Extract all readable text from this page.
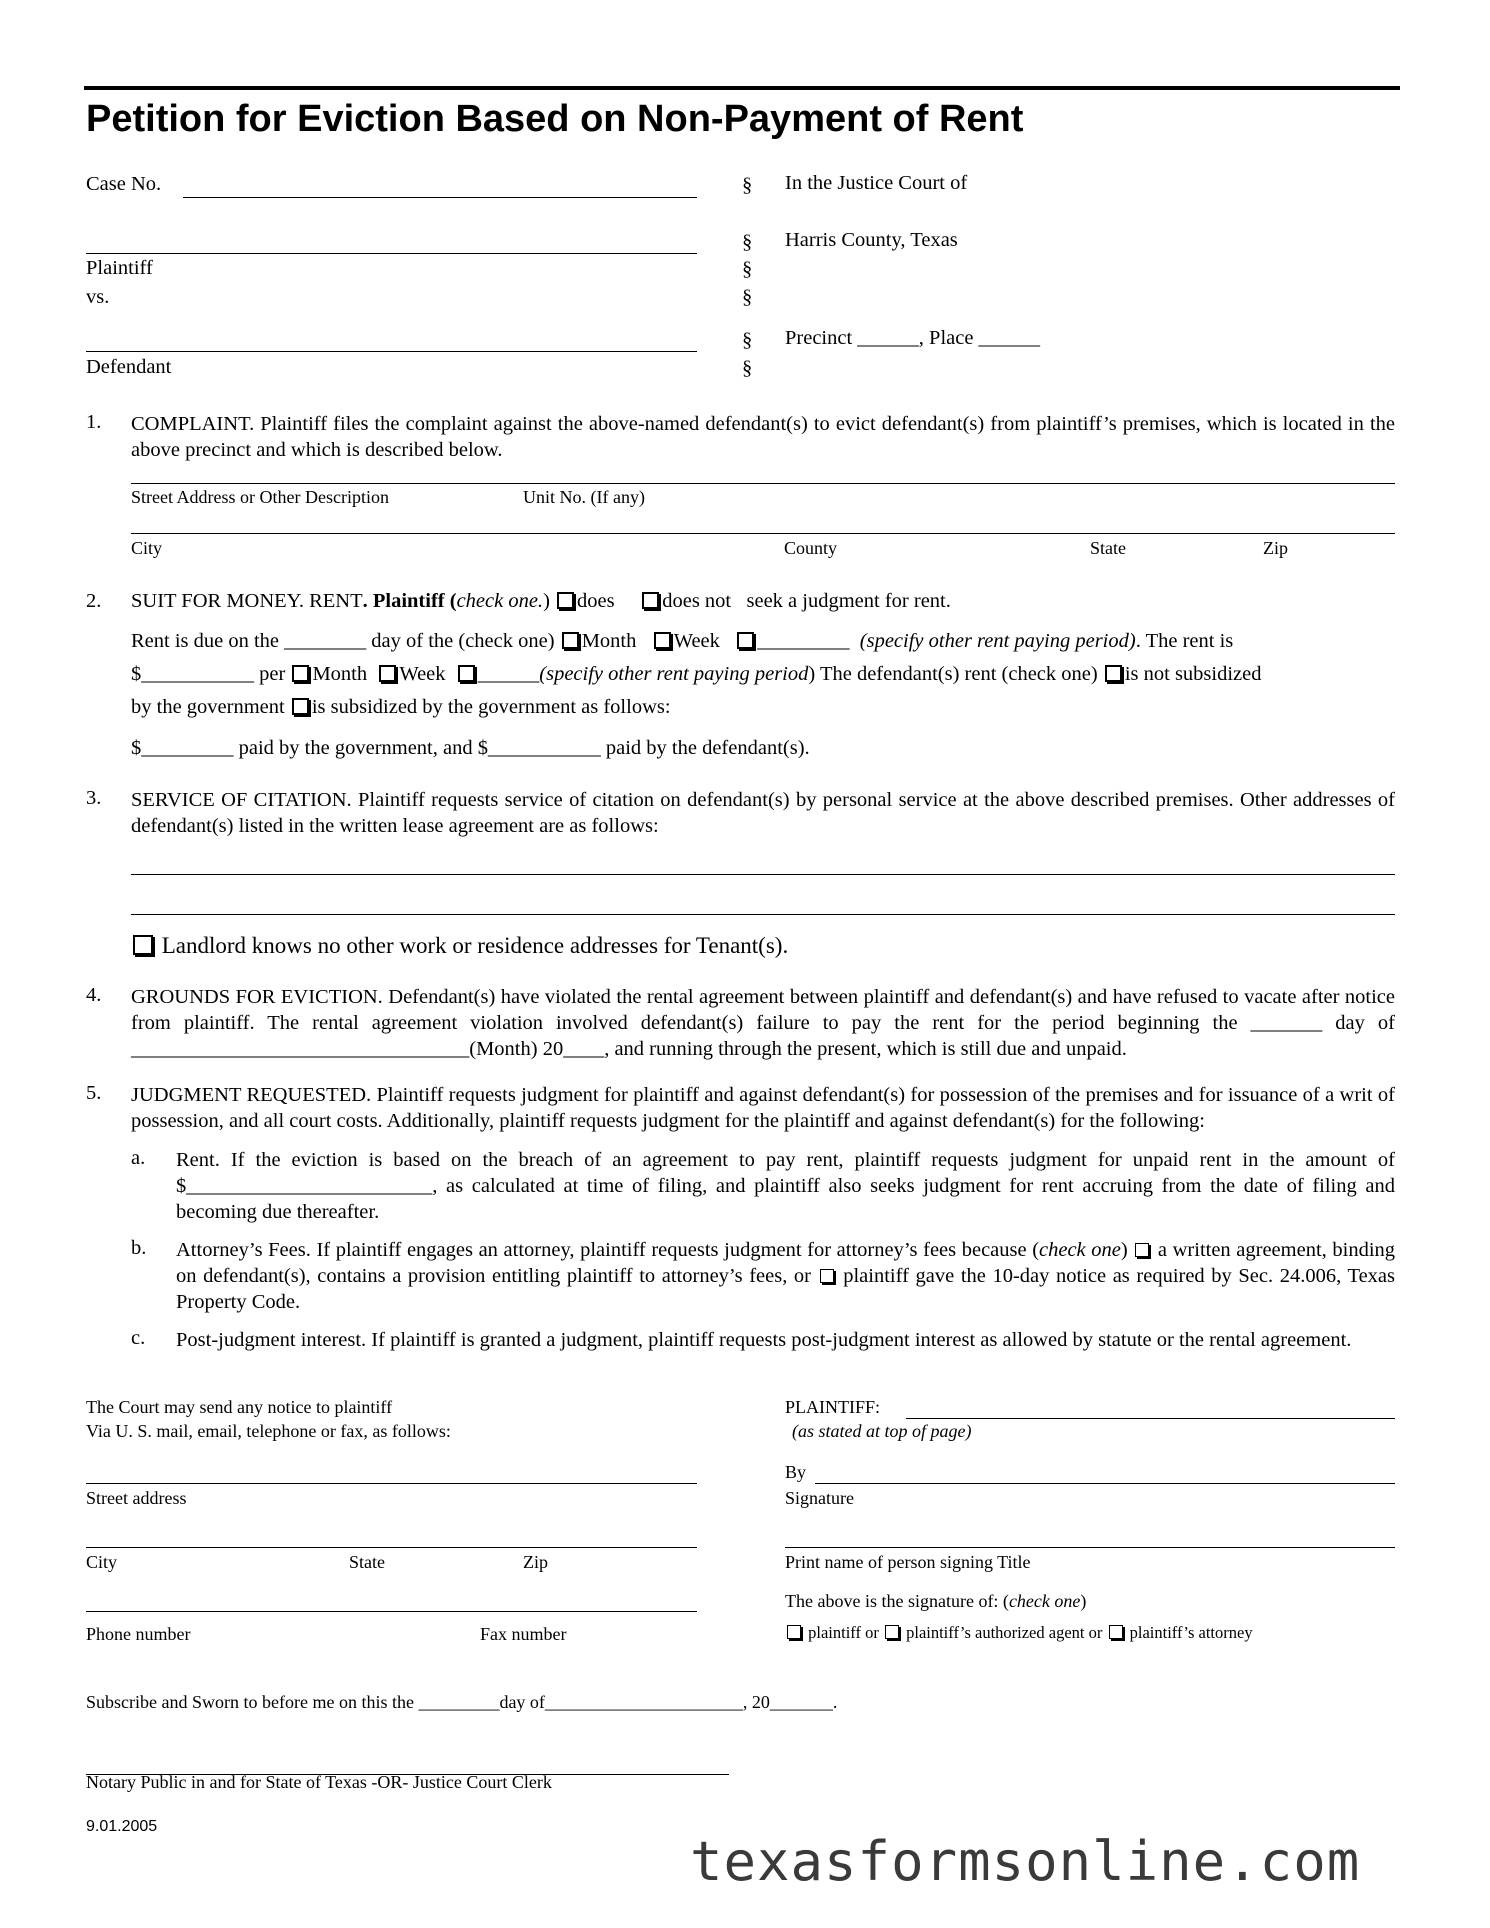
Petition for Eviction Based on Non-Payment of Rent
Case No.
Plaintiff
vs.
Defendant
§
§
§
§
§
§
In the Justice Court of
Harris County, Texas
Precinct ______, Place ______
1. COMPLAINT. Plaintiff files the complaint against the above-named defendant(s) to evict defendant(s) from plaintiff’s premises, which is located in the above precinct and which is described below.
Street Address or Other Description	Unit No. (If any)
City	County	State	Zip
2. SUIT FOR MONEY. RENT. Plaintiff (check one.) does does not seek a judgment for rent.
Rent is due on the ________ day of the (check one) Month Week _________ (specify other rent paying period). The rent is
$___________ per Month Week ______(specify other rent paying period) The defendant(s) rent (check one) is not subsidized
by the government is subsidized by the government as follows:
$_________ paid by the government, and $___________ paid by the defendant(s).
3. SERVICE OF CITATION. Plaintiff requests service of citation on defendant(s) by personal service at the above described premises. Other addresses of defendant(s) listed in the written lease agreement are as follows:
Landlord knows no other work or residence addresses for Tenant(s).
4. GROUNDS FOR EVICTION. Defendant(s) have violated the rental agreement between plaintiff and defendant(s) and have refused to vacate after notice from plaintiff. The rental agreement violation involved defendant(s) failure to pay the rent for the period beginning the _______ day of _________________________________(Month) 20____, and running through the present, which is still due and unpaid.
5. JUDGMENT REQUESTED. Plaintiff requests judgment for plaintiff and against defendant(s) for possession of the premises and for issuance of a writ of possession, and all court costs. Additionally, plaintiff requests judgment for the plaintiff and against defendant(s) for the following:
a. Rent. If the eviction is based on the breach of an agreement to pay rent, plaintiff requests judgment for unpaid rent in the amount of $________________________, as calculated at time of filing, and plaintiff also seeks judgment for rent accruing from the date of filing and becoming due thereafter.
b. Attorney’s Fees. If plaintiff engages an attorney, plaintiff requests judgment for attorney’s fees because (check one) a written agreement, binding on defendant(s), contains a provision entitling plaintiff to attorney’s fees, or plaintiff gave the 10-day notice as required by Sec. 24.006, Texas Property Code.
c. Post-judgment interest. If plaintiff is granted a judgment, plaintiff requests post-judgment interest as allowed by statute or the rental agreement.
The Court may send any notice to plaintiff
Via U. S. mail, email, telephone or fax, as follows:
Street address
City	State	Zip
Phone number	Fax number
PLAINTIFF:
(as stated at top of page)
By
Signature
Print name of person signing Title
The above is the signature of: (check one)
plaintiff or plaintiff’s authorized agent or plaintiff’s attorney
Subscribe and Sworn to before me on this the _________day of______________________, 20_______.
Notary Public in and for State of Texas -OR- Justice Court Clerk
9.01.2005
texasformsonline.com
